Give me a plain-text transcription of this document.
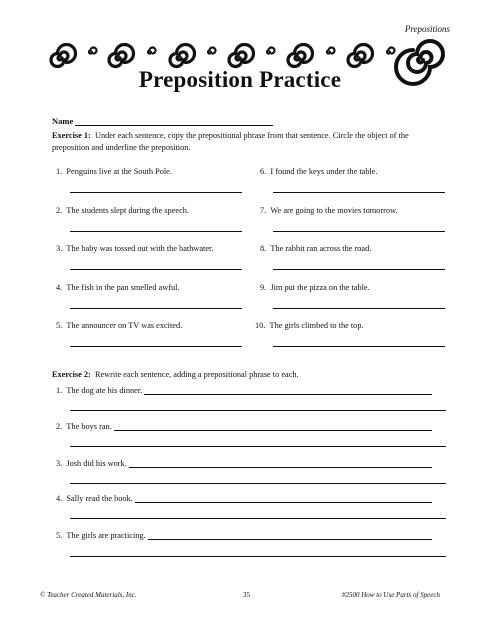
Prepositions
Preposition Practice
Name
Exercise 1: Under each sentence, copy the prepositional phrase from that sentence. Circle the object of the preposition and underline the preposition.
1. Penguins live at the South Pole.
2. The students slept during the speech.
3. The baby was tossed out with the bathwater.
4. The fish in the pan smelled awful.
5. The announcer on TV was excited.
6. I found the keys under the table.
7. We are going to the movies tomorrow.
8. The rabbit ran across the road.
9. Jim put the pizza on the table.
10. The girls climbed to the top.
Exercise 2: Rewrite each sentence, adding a prepositional phrase to each.
1.
The dog ate his dinner.
2.
The boys ran.
3.
Josh did his work.
4.
Sally read the book.
5.
The girls are practicing.
© Teacher Created Materials, Inc.	35	#2500 How to Use Parts of Speech
